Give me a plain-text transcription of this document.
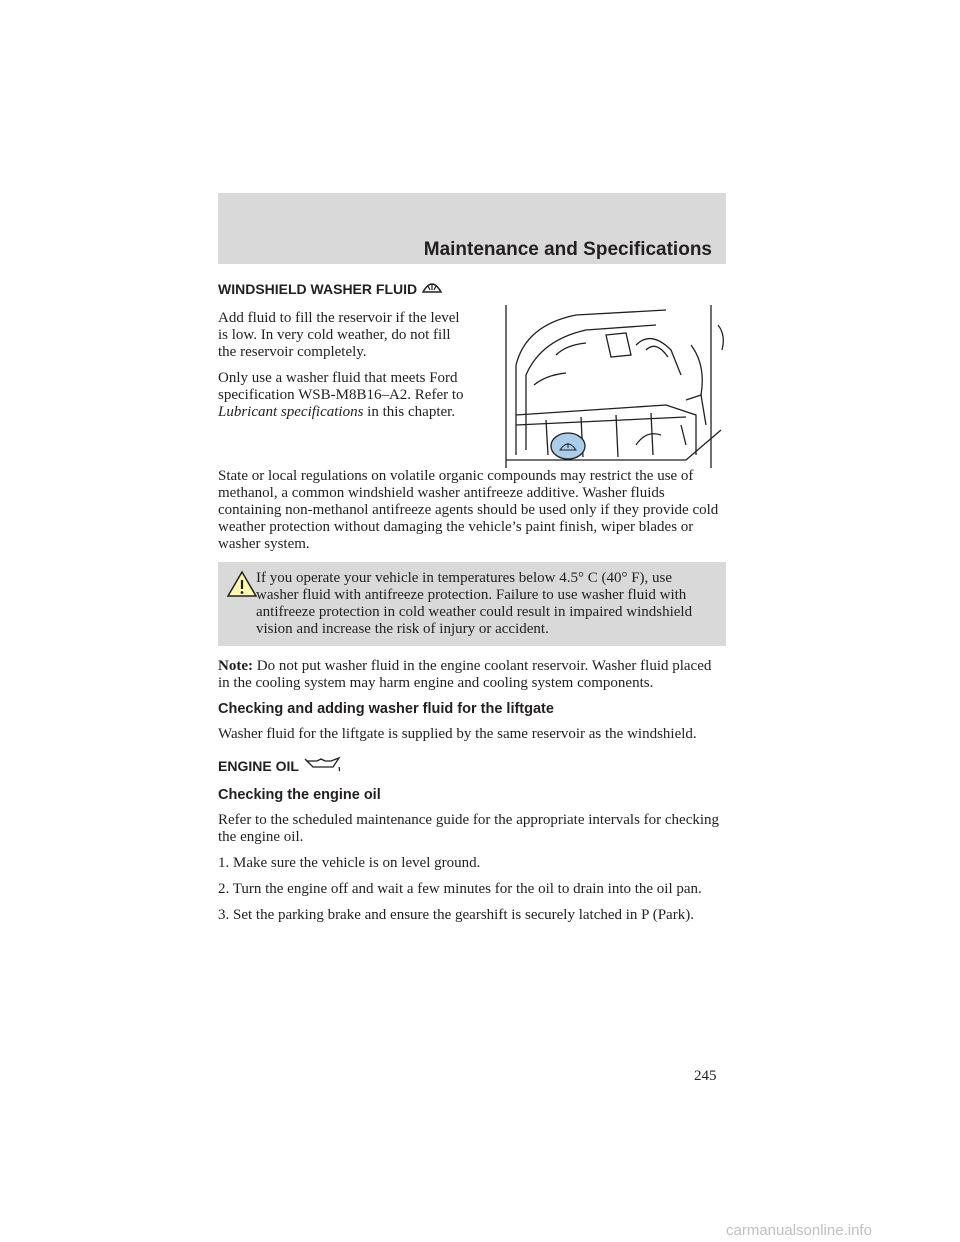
Maintenance and Specifications
WINDSHIELD WASHER FLUID

Add fluid to fill the reservoir if the level is low. In very cold weather, do not fill the reservoir completely.

Only use a washer fluid that meets Ford specification WSB-M8B16–A2. Refer to Lubricant specifications in this chapter.

State or local regulations on volatile organic compounds may restrict the use of methanol, a common windshield washer antifreeze additive. Washer fluids containing non-methanol antifreeze agents should be used only if they provide cold weather protection without damaging the vehicle’s paint finish, wiper blades or washer system.

If you operate your vehicle in temperatures below 4.5° C (40° F), use washer fluid with antifreeze protection. Failure to use washer fluid with antifreeze protection in cold weather could result in impaired windshield vision and increase the risk of injury or accident.

Note: Do not put washer fluid in the engine coolant reservoir. Washer fluid placed in the cooling system may harm engine and cooling system components.

Checking and adding washer fluid for the liftgate

Washer fluid for the liftgate is supplied by the same reservoir as the windshield.

ENGINE OIL
Checking the engine oil

Refer to the scheduled maintenance guide for the appropriate intervals for checking the engine oil.

1. Make sure the vehicle is on level ground.

2. Turn the engine off and wait a few minutes for the oil to drain into the oil pan.

3. Set the parking brake and ensure the gearshift is securely latched in P (Park).

245
carmanualsonline.info
